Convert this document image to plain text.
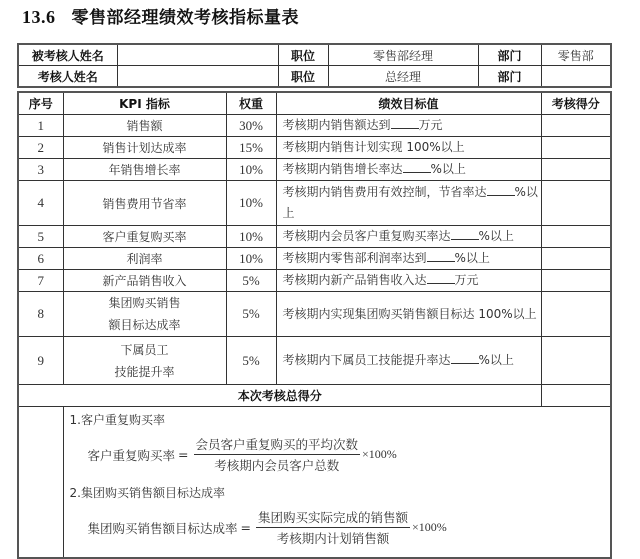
13.6 零售部经理绩效考核指标量表
被考核人姓名		职位	零售部经理	部门	零售部
考核人姓名		职位	总经理	部门	
序号	KPI 指标	权重	绩效目标值	考核得分
1	销售额	30%	考核期内销售额达到 万元	
2	销售计划达成率	15%	考核期内销售计划实现 100%以上	
3	年销售增长率	10%	考核期内销售增长率达 %以上	
4	销售费用节省率	10%	考核期内销售费用有效控制，节省率达 %以上	
5	客户重复购买率	10%	考核期内会员客户重复购买率达 %以上	
6	利润率	10%	考核期内零售部利润率达到 %以上	
7	新产品销售收入	5%	考核期内新产品销售收入达 万元	
8	集团购买销售
额目标达成率	5%	考核期内实现集团购买销售额目标达 100%以上	
9	下属员工
技能提升率	5%	考核期内下属员工技能提升率达 %以上	
本次考核总得分				

1.客户重复购买率
客户重复购买率 = $\frac{\text{会员客户重复购买的平均次数}}{\text{考核期内会员客户总数}} \times 100\%$
2.集团购买销售额目标达成率
集团购买销售额目标达成率 = $\frac{\text{集团购买实际完成的销售额}}{\text{考核期内计划销售额}} \times 100\%$
